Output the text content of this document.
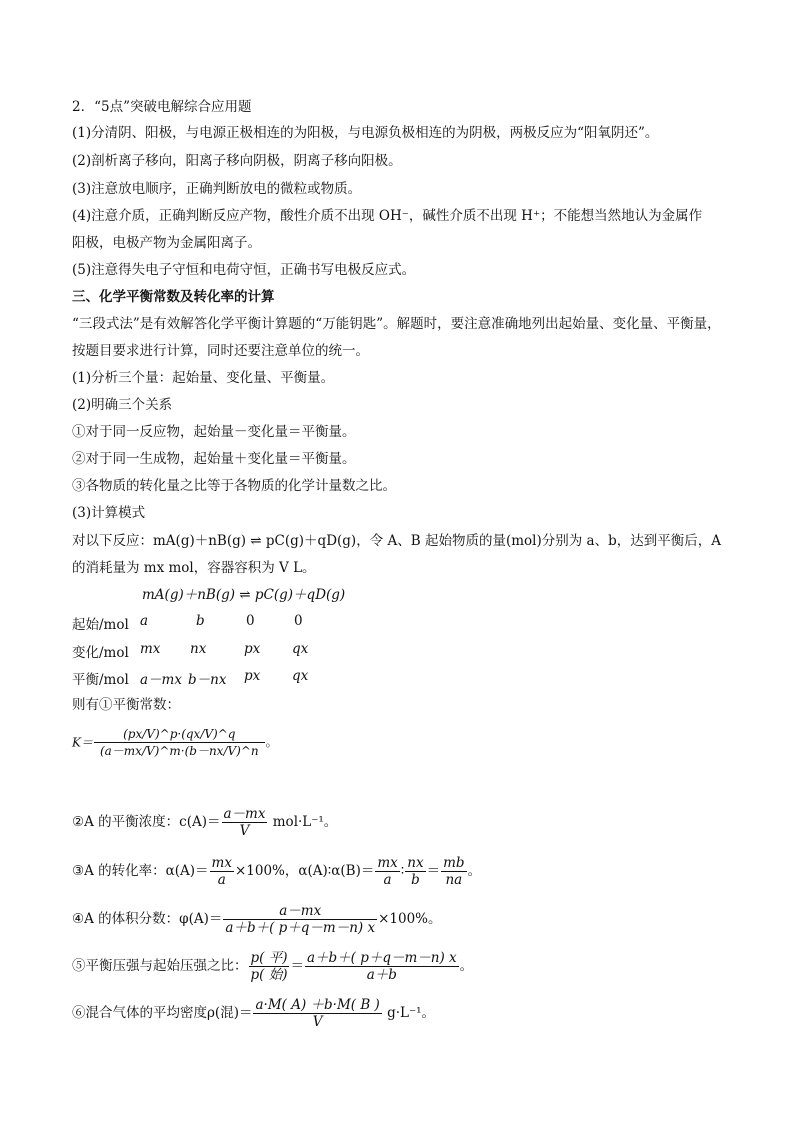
2．“5点”突破电解综合应用题
(1)分清阴、阳极，与电源正极相连的为阳极，与电源负极相连的为阴极，两极反应为“阳氧阴还”。
(2)剖析离子移向，阳离子移向阴极，阴离子移向阳极。
(3)注意放电顺序，正确判断放电的微粒或物质。
(4)注意介质，正确判断反应产物，酸性介质不出现 OH⁻，碱性介质不出现 H⁺；不能想当然地认为金属作
阳极，电极产物为金属阳离子。
(5)注意得失电子守恒和电荷守恒，正确书写电极反应式。
三、化学平衡常数及转化率的计算
“三段式法”是有效解答化学平衡计算题的“万能钥匙”。解题时，要注意准确地列出起始量、变化量、平衡量，
按题目要求进行计算，同时还要注意单位的统一。
(1)分析三个量：起始量、变化量、平衡量。
(2)明确三个关系
①对于同一反应物，起始量－变化量＝平衡量。
②对于同一生成物，起始量＋变化量＝平衡量。
③各物质的转化量之比等于各物质的化学计量数之比。
(3)计算模式
对以下反应：mA(g)＋nB(g) ⇌ pC(g)＋qD(g)，令 A、B 起始物质的量(mol)分别为 a、b，达到平衡后，A
的消耗量为 mx mol，容器容积为 V L。
mA(g)＋nB(g) ⇌ pC(g)＋qD(g)
起始/mol a	b	0	0
变化/mol mx nx	px qx
平衡/mol a－mx b－nx px qx
则有①平衡常数：
$K= \frac{(px/V)\^{}p\cdot(qx/V)\^{}q}{(a-mx/V)\^{}m\cdot(b-nx/V)\^{}n}$ 。
②A 的平衡浓度：$c(A)= \frac{a-mx}{V} mol\cdot L^{-1}$。
③A 的转化率：$\alpha(A)= \frac{mx}{a} \times 100\%$，α(A)∶α(B)＝ $\frac{mx}{a}$ ∶ $\frac{nx}{b} = \frac{mb}{na}$ 。
④A 的体积分数：$\varphi(A)= \frac{a-mx}{a+b+( p+q-m-n) x} \times 100\%$。
⑤平衡压强与起始压强之比： $\frac{\text{p( 平)}}{\text{p( 始)}} = \frac{a+b+( p+q-m-n) x}{a+b}$ 。
⑥混合气体的平均密度ρ(混)＝ $\frac{a\cdot M( A) +b\cdot M( B )}{V} g\cdot L^{-1}$。
